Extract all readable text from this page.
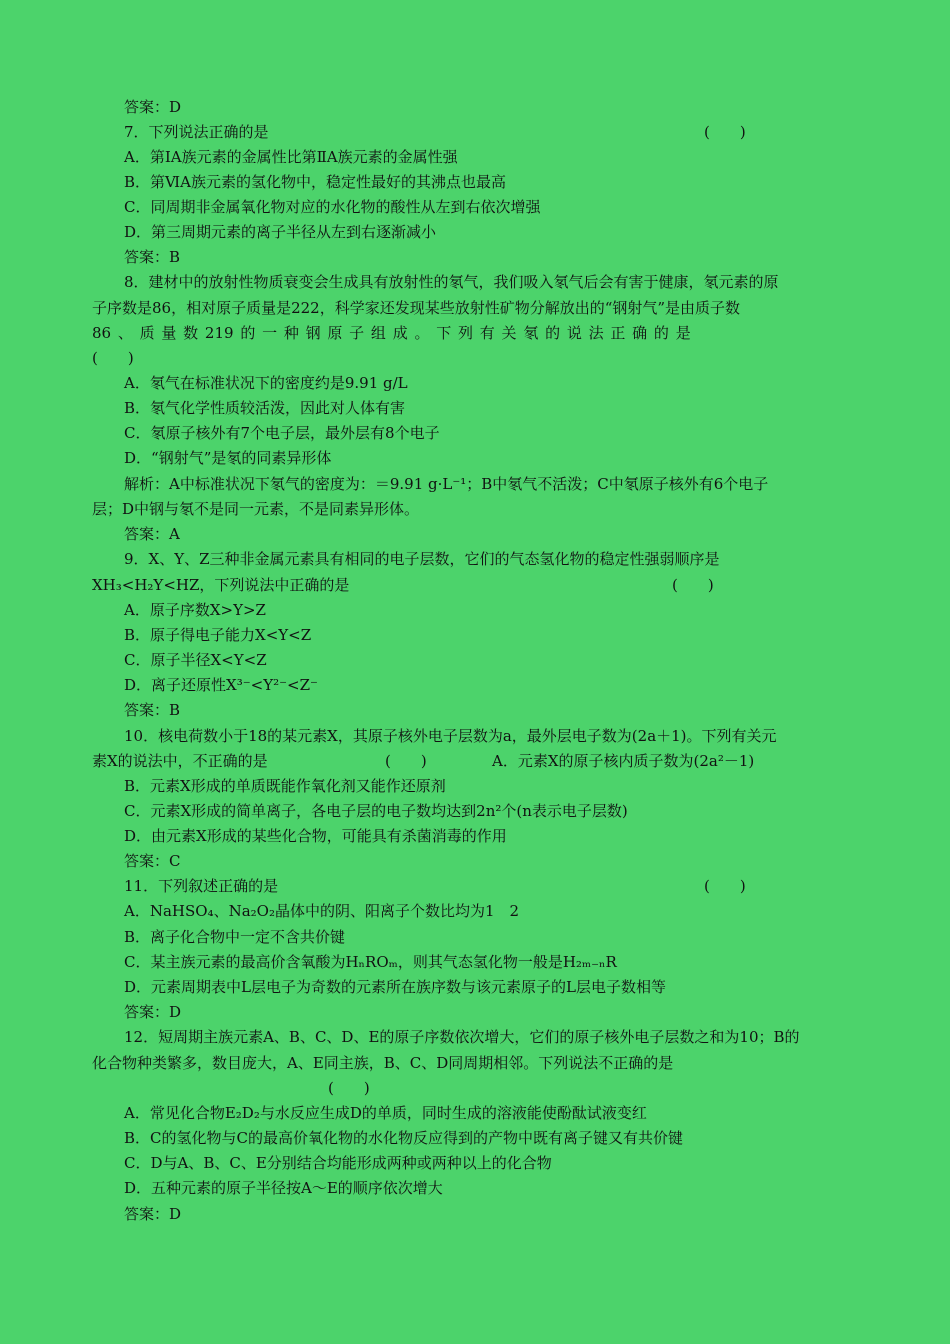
答案：D
7．下列说法正确的是	(　　)
A．第ⅠA族元素的金属性比第ⅡA族元素的金属性强
B．第ⅥA族元素的氢化物中，稳定性最好的其沸点也最高
C．同周期非金属氧化物对应的水化物的酸性从左到右依次增强
D．第三周期元素的离子半径从左到右逐渐减小
答案：B
8．建材中的放射性物质衰变会生成具有放射性的氡气，我们吸入氡气后会有害于健康，氡元素的原
子序数是86，相对原子质量是222，科学家还发现某些放射性矿物分解放出的“钢射气”是由质子数
86 、 质 量 数 219 的 一 种 钢 原 子 组 成 。 下 列 有 关 氡 的 说 法 正 确 的 是
(　　)
A．氡气在标准状况下的密度约是9.91 g/L
B．氡气化学性质较活泼，因此对人体有害
C．氡原子核外有7个电子层，最外层有8个电子
D．“钢射气”是氡的同素异形体
解析：A中标准状况下氡气的密度为：＝9.91 g·L⁻¹；B中氡气不活泼；C中氡原子核外有6个电子
层；D中钢与氡不是同一元素，不是同素异形体。
答案：A
9．X、Y、Z三种非金属元素具有相同的电子层数，它们的气态氢化物的稳定性强弱顺序是
XH₃<H₂Y<HZ，下列说法中正确的是	(　　)
A．原子序数X>Y>Z
B．原子得电子能力X<Y<Z
C．原子半径X<Y<Z
D．离子还原性X³⁻<Y²⁻<Z⁻
答案：B
10．核电荷数小于18的某元素X，其原子核外电子层数为a，最外层电子数为(2a＋1)。下列有关元
素X的说法中，不正确的是	(　　)	A．元素X的原子核内质子数为(2a²－1)
B．元素X形成的单质既能作氧化剂又能作还原剂
C．元素X形成的简单离子，各电子层的电子数均达到2n²个(n表示电子层数)
D．由元素X形成的某些化合物，可能具有杀菌消毒的作用
答案：C
11．下列叙述正确的是	(　　)
A．NaHSO₄、Na₂O₂晶体中的阴、阳离子个数比均为1　2
B．离子化合物中一定不含共价键
C．某主族元素的最高价含氧酸为HₙROₘ，则其气态氢化物一般是H₂ₘ₋ₙR
D．元素周期表中L层电子为奇数的元素所在族序数与该元素原子的L层电子数相等
答案：D
12．短周期主族元素A、B、C、D、E的原子序数依次增大，它们的原子核外电子层数之和为10；B的
化合物种类繁多，数目庞大，A、E同主族，B、C、D同周期相邻。下列说法不正确的是
(　　)
A．常见化合物E₂D₂与水反应生成D的单质，同时生成的溶液能使酚酞试液变红
B．C的氢化物与C的最高价氧化物的水化物反应得到的产物中既有离子键又有共价键
C．D与A、B、C、E分别结合均能形成两种或两种以上的化合物
D．五种元素的原子半径按A～E的顺序依次增大
答案：D
